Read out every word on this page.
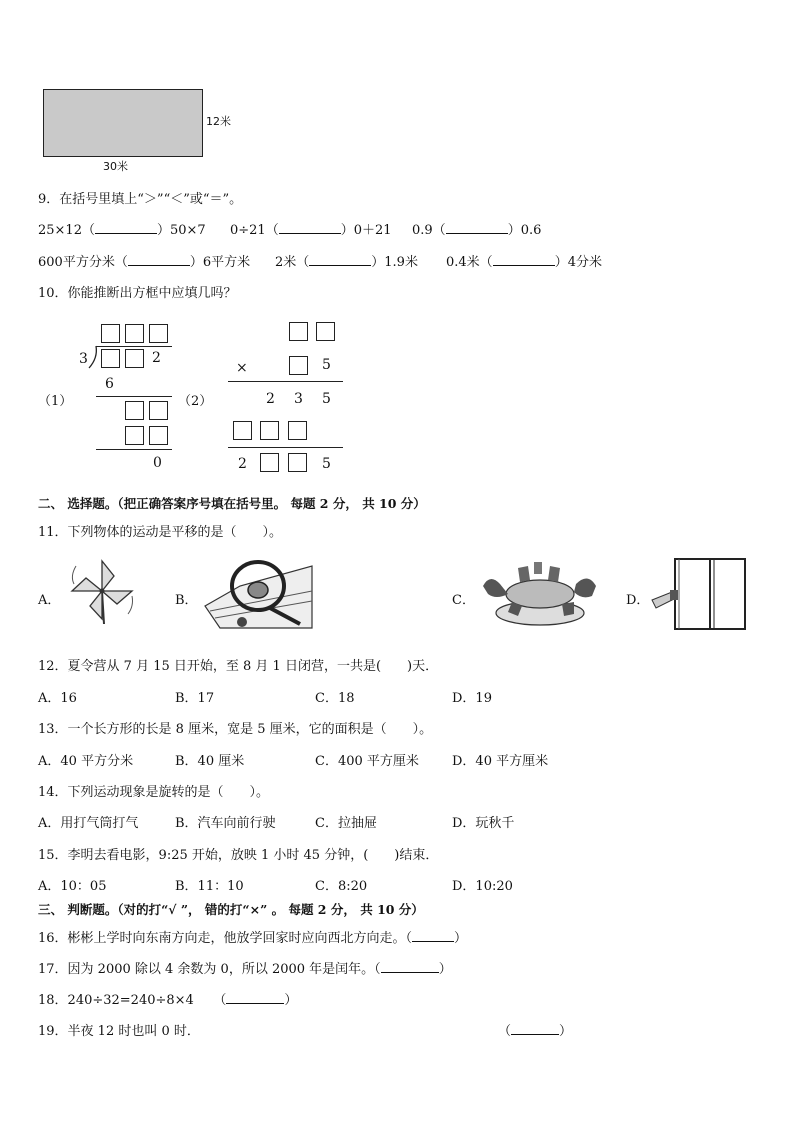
12米
30米
9．在括号里填上“＞”“＜”或“＝”。
25×12（	）50×7 0÷21（	）0＋21 0.9（	）0.6
600平方分米（	）6平方米 2米（	）1.9米 0.4米（	）4分米
10．你能推断出方框中应填几吗？
（1）	（2）
3	2
6
0
×	5
2 3 5
2	5
二、 选择题。（把正确答案序号填在括号里。 每题 2 分， 共 10 分）
11．下列物体的运动是平移的是（　　）。
A．	B．	C．	D．
12．夏令营从 7 月 15 日开始，至 8 月 1 日闭营，一共是(　　)天．
A．16	B．17	C．18	D．19
13．一个长方形的长是 8 厘米，宽是 5 厘米，它的面积是（　　）。
A．40 平方分米	B．40 厘米	C．400 平方厘米	D．40 平方厘米
14．下列运动现象是旋转的是（　　）。
A．用打气筒打气	B．汽车向前行驶	C．拉抽屉	D．玩秋千
15．李明去看电影，9:25 开始，放映 1 小时 45 分钟，(　　)结束．
A．10：05	B．11：10	C．8:20	D．10:20
三、 判断题。（对的打“√ ”， 错的打“×” 。 每题 2 分， 共 10 分）
16．彬彬上学时向东南方向走，他放学回家时应向西北方向走。（	）
17．因为 2000 除以 4 余数为 0，所以 2000 年是闰年。（	）
18．240÷32=240÷8×4　　（	）
19．半夜 12 时也叫 0 时．	（	）
